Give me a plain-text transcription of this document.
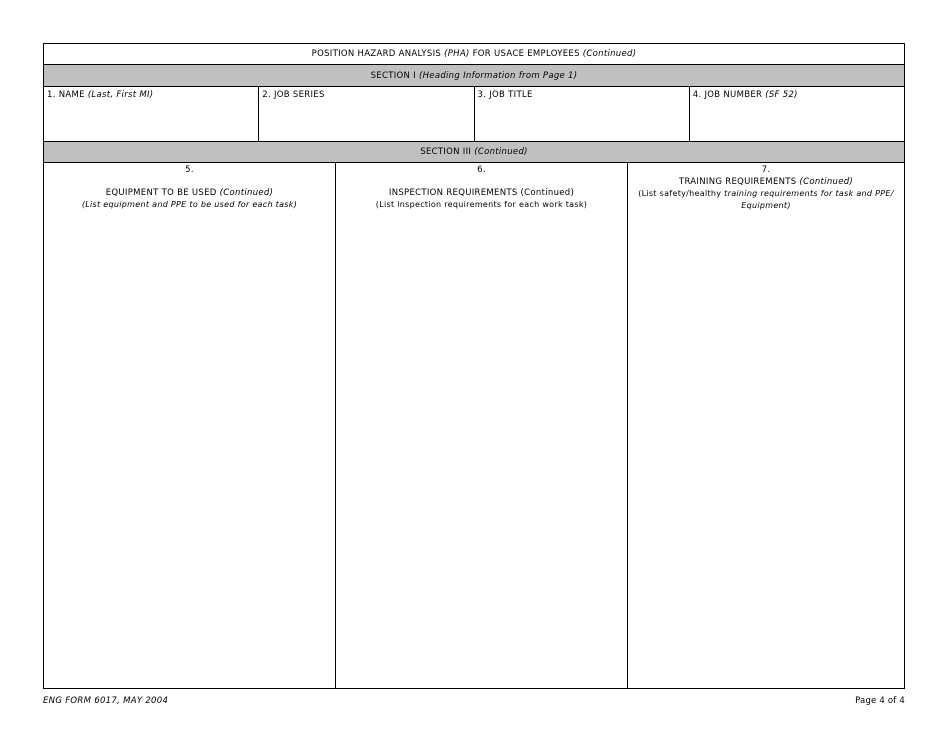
POSITION HAZARD ANALYSIS
(PHA)
FOR USACE EMPLOYEES
(Continued)
SECTION I
(Heading Information from Page 1)
1. NAME (Last, First MI)	2. JOB SERIES	3. JOB TITLE	4. JOB NUMBER (SF 52)
SECTION III
(Continued)
5.
EQUIPMENT TO BE USED (Continued)
(List equipment and PPE to be used for each task)
6.
INSPECTION REQUIREMENTS (Continued)
(List inspection requirements for each work task)
7.
TRAINING REQUIREMENTS (Continued)
(List safety/healthy training requirements for task and PPE/ Equipment)
ENG FORM 6017, MAY 2004	Page 4 of 4
